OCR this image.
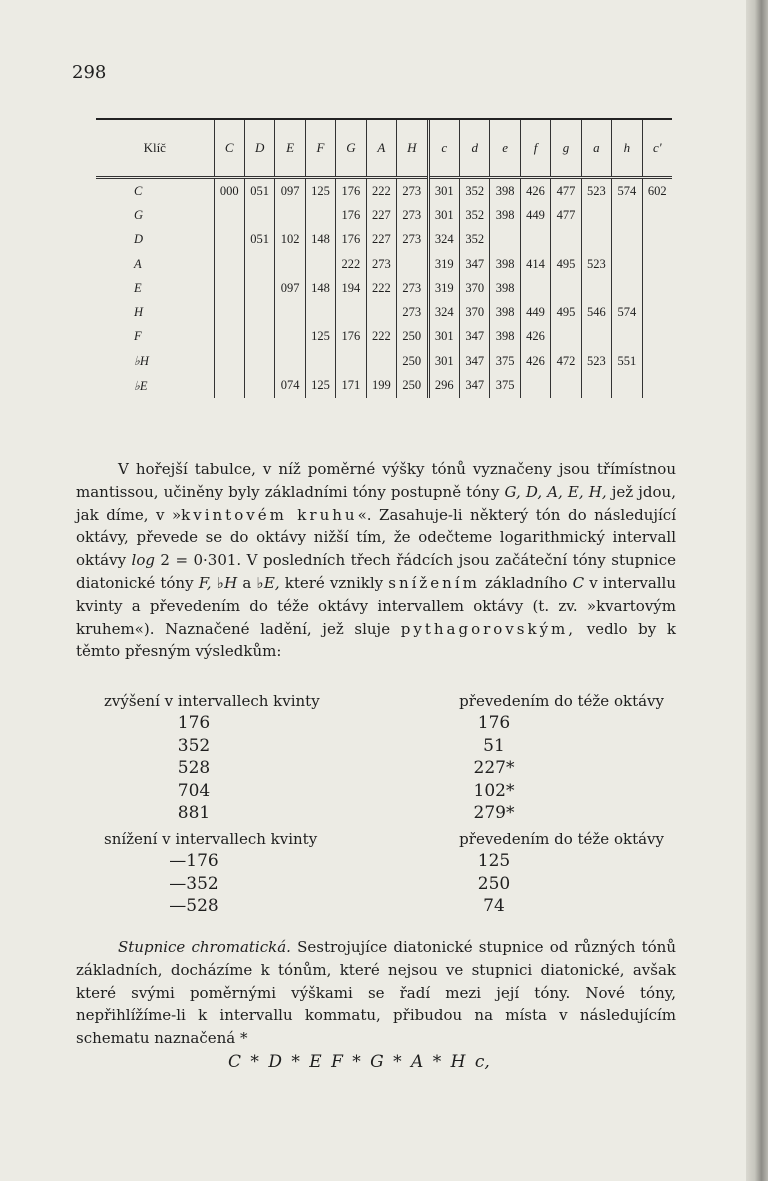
298
Klíč	C	D	E	F	G	A	H	c	d	e	f	g	a	h	c'
C	000	051	097	125	176	222	273	301	352	398	426	477	523	574	602
G					176	227	273	301	352	398	449	477			
D		051	102	148	176	227	273	324	352						
A					222	273		319	347	398	414	495	523		
E			097	148	194	222	273	319	370	398					
H							273	324	370	398	449	495	546	574	
F				125	176	222	250	301	347	398	426				
♭H							250	301	347	375	426	472	523	551	
♭E			074	125	171	199	250	296	347	375					

V hořejší tabulce, v níž poměrné výšky tónů vyznačeny jsou třímístnou mantissou, učiněny byly základními tóny postupně tóny G, D, A, E, H, jež jdou, jak díme, v »kvintovém kruhu«. Zasahuje-li některý tón do následující oktávy, převede se do oktávy nižší tím, že odečteme logarithmický intervall oktávy log 2 = 0·301. V posledních třech řádcích jsou začáteční tóny stupnice diatonické tóny F, ♭H a ♭E, které vznikly snížením základního C v intervallu kvinty a převedením do téže oktávy intervallem oktávy (t. zv. »kvartovým kruhem«). Naznačené ladění, jež sluje pythagorovským, vedlo by k těmto přesným výsledkům:

zvýšení v intervallech kvinty	převedením do téže oktávy
176	176
352	51
528	227*
704	102*
881	279*
snížení v intervallech kvinty	převedením do téže oktávy
—176	125
—352	250
—528	74

Stupnice chromatická. Sestrojujíce diatonické stupnice od různých tónů základních, docházíme k tónům, které nejsou ve stupnici diatonické, avšak které svými poměrnými výškami se řadí mezi její tóny. Nové tóny, nepřihlížíme-li k intervallu kommatu, přibudou na místa v následujícím schematu naznačená *

C * D * E F * G * A * H c,
